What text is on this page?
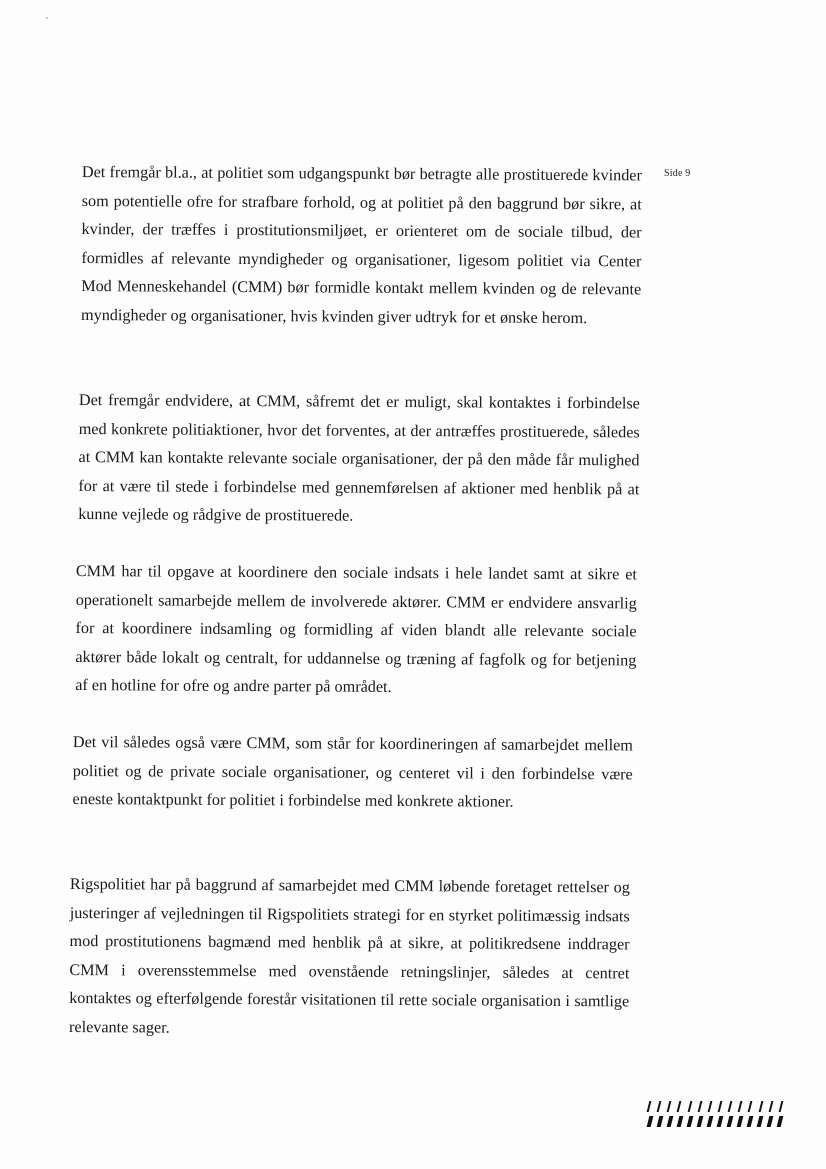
Side 9

Det fremgår bl.a., at politiet som udgangspunkt bør betragte alle prostituerede kvinder som potentielle ofre for strafbare forhold, og at politiet på den baggrund bør sikre, at kvinder, der træffes i prostitutionsmiljøet, er orienteret om de sociale tilbud, der formidles af relevante myndigheder og organisationer, ligesom politiet via Center Mod Menneskehandel (CMM) bør formidle kontakt mellem kvinden og de relevante myndigheder og organisationer, hvis kvinden giver udtryk for et ønske herom.

Det fremgår endvidere, at CMM, såfremt det er muligt, skal kontaktes i forbindelse med konkrete politiaktioner, hvor det forventes, at der antræffes prostituerede, således at CMM kan kontakte relevante sociale organisationer, der på den måde får mulighed for at være til stede i forbindelse med gennemførelsen af aktioner med henblik på at kunne vejlede og rådgive de prostituerede.

CMM har til opgave at koordinere den sociale indsats i hele landet samt at sikre et operationelt samarbejde mellem de involverede aktører. CMM er endvidere ansvarlig for at koordinere indsamling og formidling af viden blandt alle relevante sociale aktører både lokalt og centralt, for uddannelse og træning af fagfolk og for betjening af en hotline for ofre og andre parter på området.

Det vil således også være CMM, som står for koordineringen af samarbejdet mellem politiet og de private sociale organisationer, og centeret vil i den forbindelse være eneste kontaktpunkt for politiet i forbindelse med konkrete aktioner.

Rigspolitiet har på baggrund af samarbejdet med CMM løbende foretaget rettelser og justeringer af vejledningen til Rigspolitiets strategi for en styrket politimæssig indsats mod prostitutionens bagmænd med henblik på at sikre, at politikredsene inddrager CMM i overensstemmelse med ovenstående retningslinjer, således at centret kontaktes og efterfølgende forestår visitationen til rette sociale organisation i samtlige relevante sager.
